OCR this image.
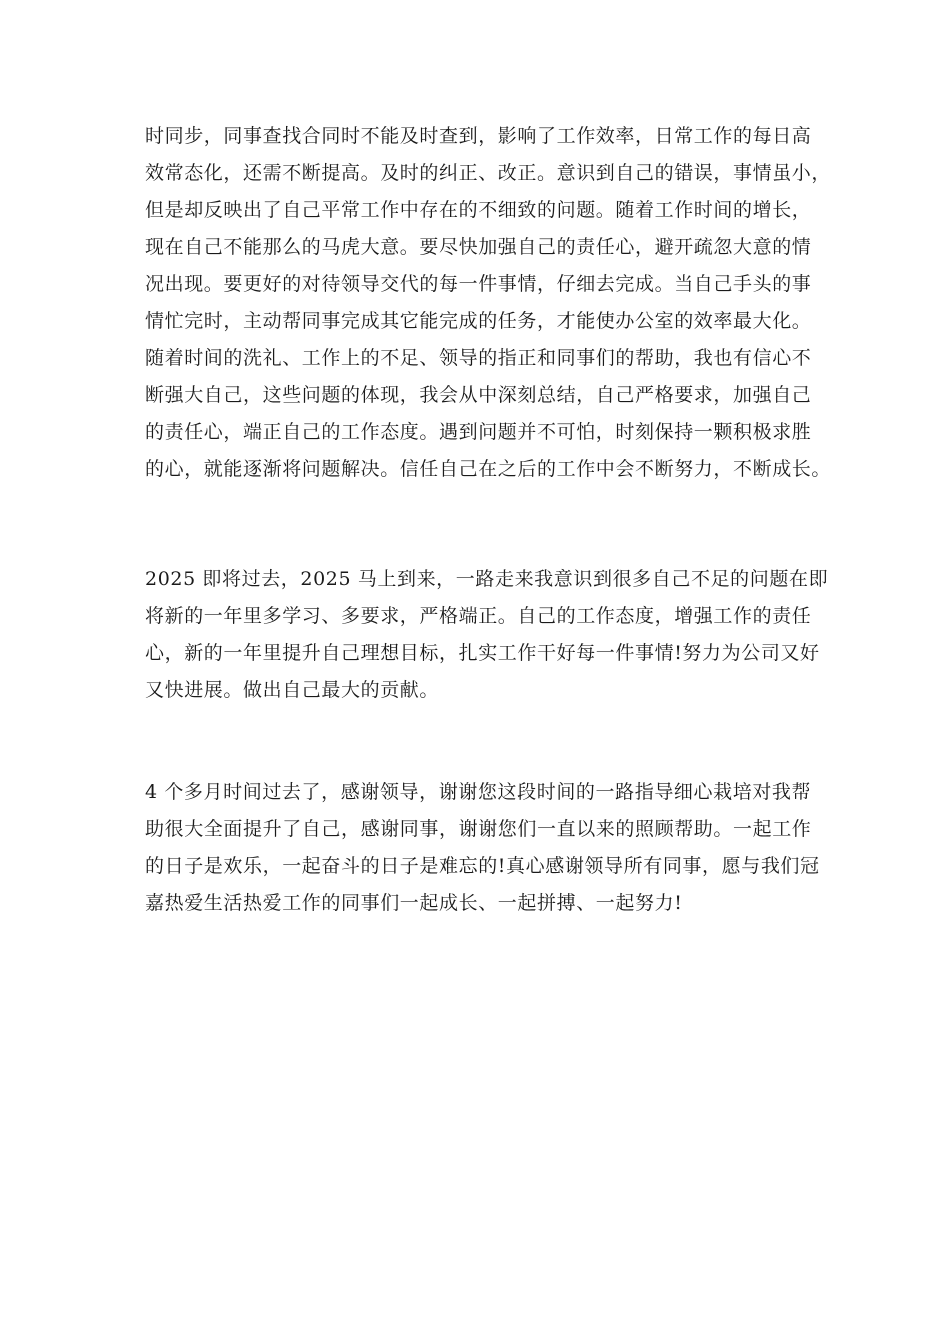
时同步，同事查找合同时不能及时查到，影响了工作效率，日常工作的每日高
效常态化，还需不断提高。及时的纠正、改正。意识到自己的错误，事情虽小，
但是却反映出了自己平常工作中存在的不细致的问题。随着工作时间的增长，
现在自己不能那么的马虎大意。要尽快加强自己的责任心，避开疏忽大意的情
况出现。要更好的对待领导交代的每一件事情，仔细去完成。当自己手头的事
情忙完时，主动帮同事完成其它能完成的任务，才能使办公室的效率最大化。
随着时间的洗礼、工作上的不足、领导的指正和同事们的帮助，我也有信心不
断强大自己，这些问题的体现，我会从中深刻总结，自己严格要求，加强自己
的责任心，端正自己的工作态度。遇到问题并不可怕，时刻保持一颗积极求胜
的心，就能逐渐将问题解决。信任自己在之后的工作中会不断努力，不断成长。
2025 即将过去，2025 马上到来，一路走来我意识到很多自己不足的问题在即
将新的一年里多学习、多要求，严格端正。自己的工作态度，增强工作的责任
心，新的一年里提升自己理想目标，扎实工作干好每一件事情!努力为公司又好
又快进展。做出自己最大的贡献。
4 个多月时间过去了，感谢领导，谢谢您这段时间的一路指导细心栽培对我帮
助很大全面提升了自己，感谢同事，谢谢您们一直以来的照顾帮助。一起工作
的日子是欢乐，一起奋斗的日子是难忘的!真心感谢领导所有同事，愿与我们冠
嘉热爱生活热爱工作的同事们一起成长、一起拼搏、一起努力!
